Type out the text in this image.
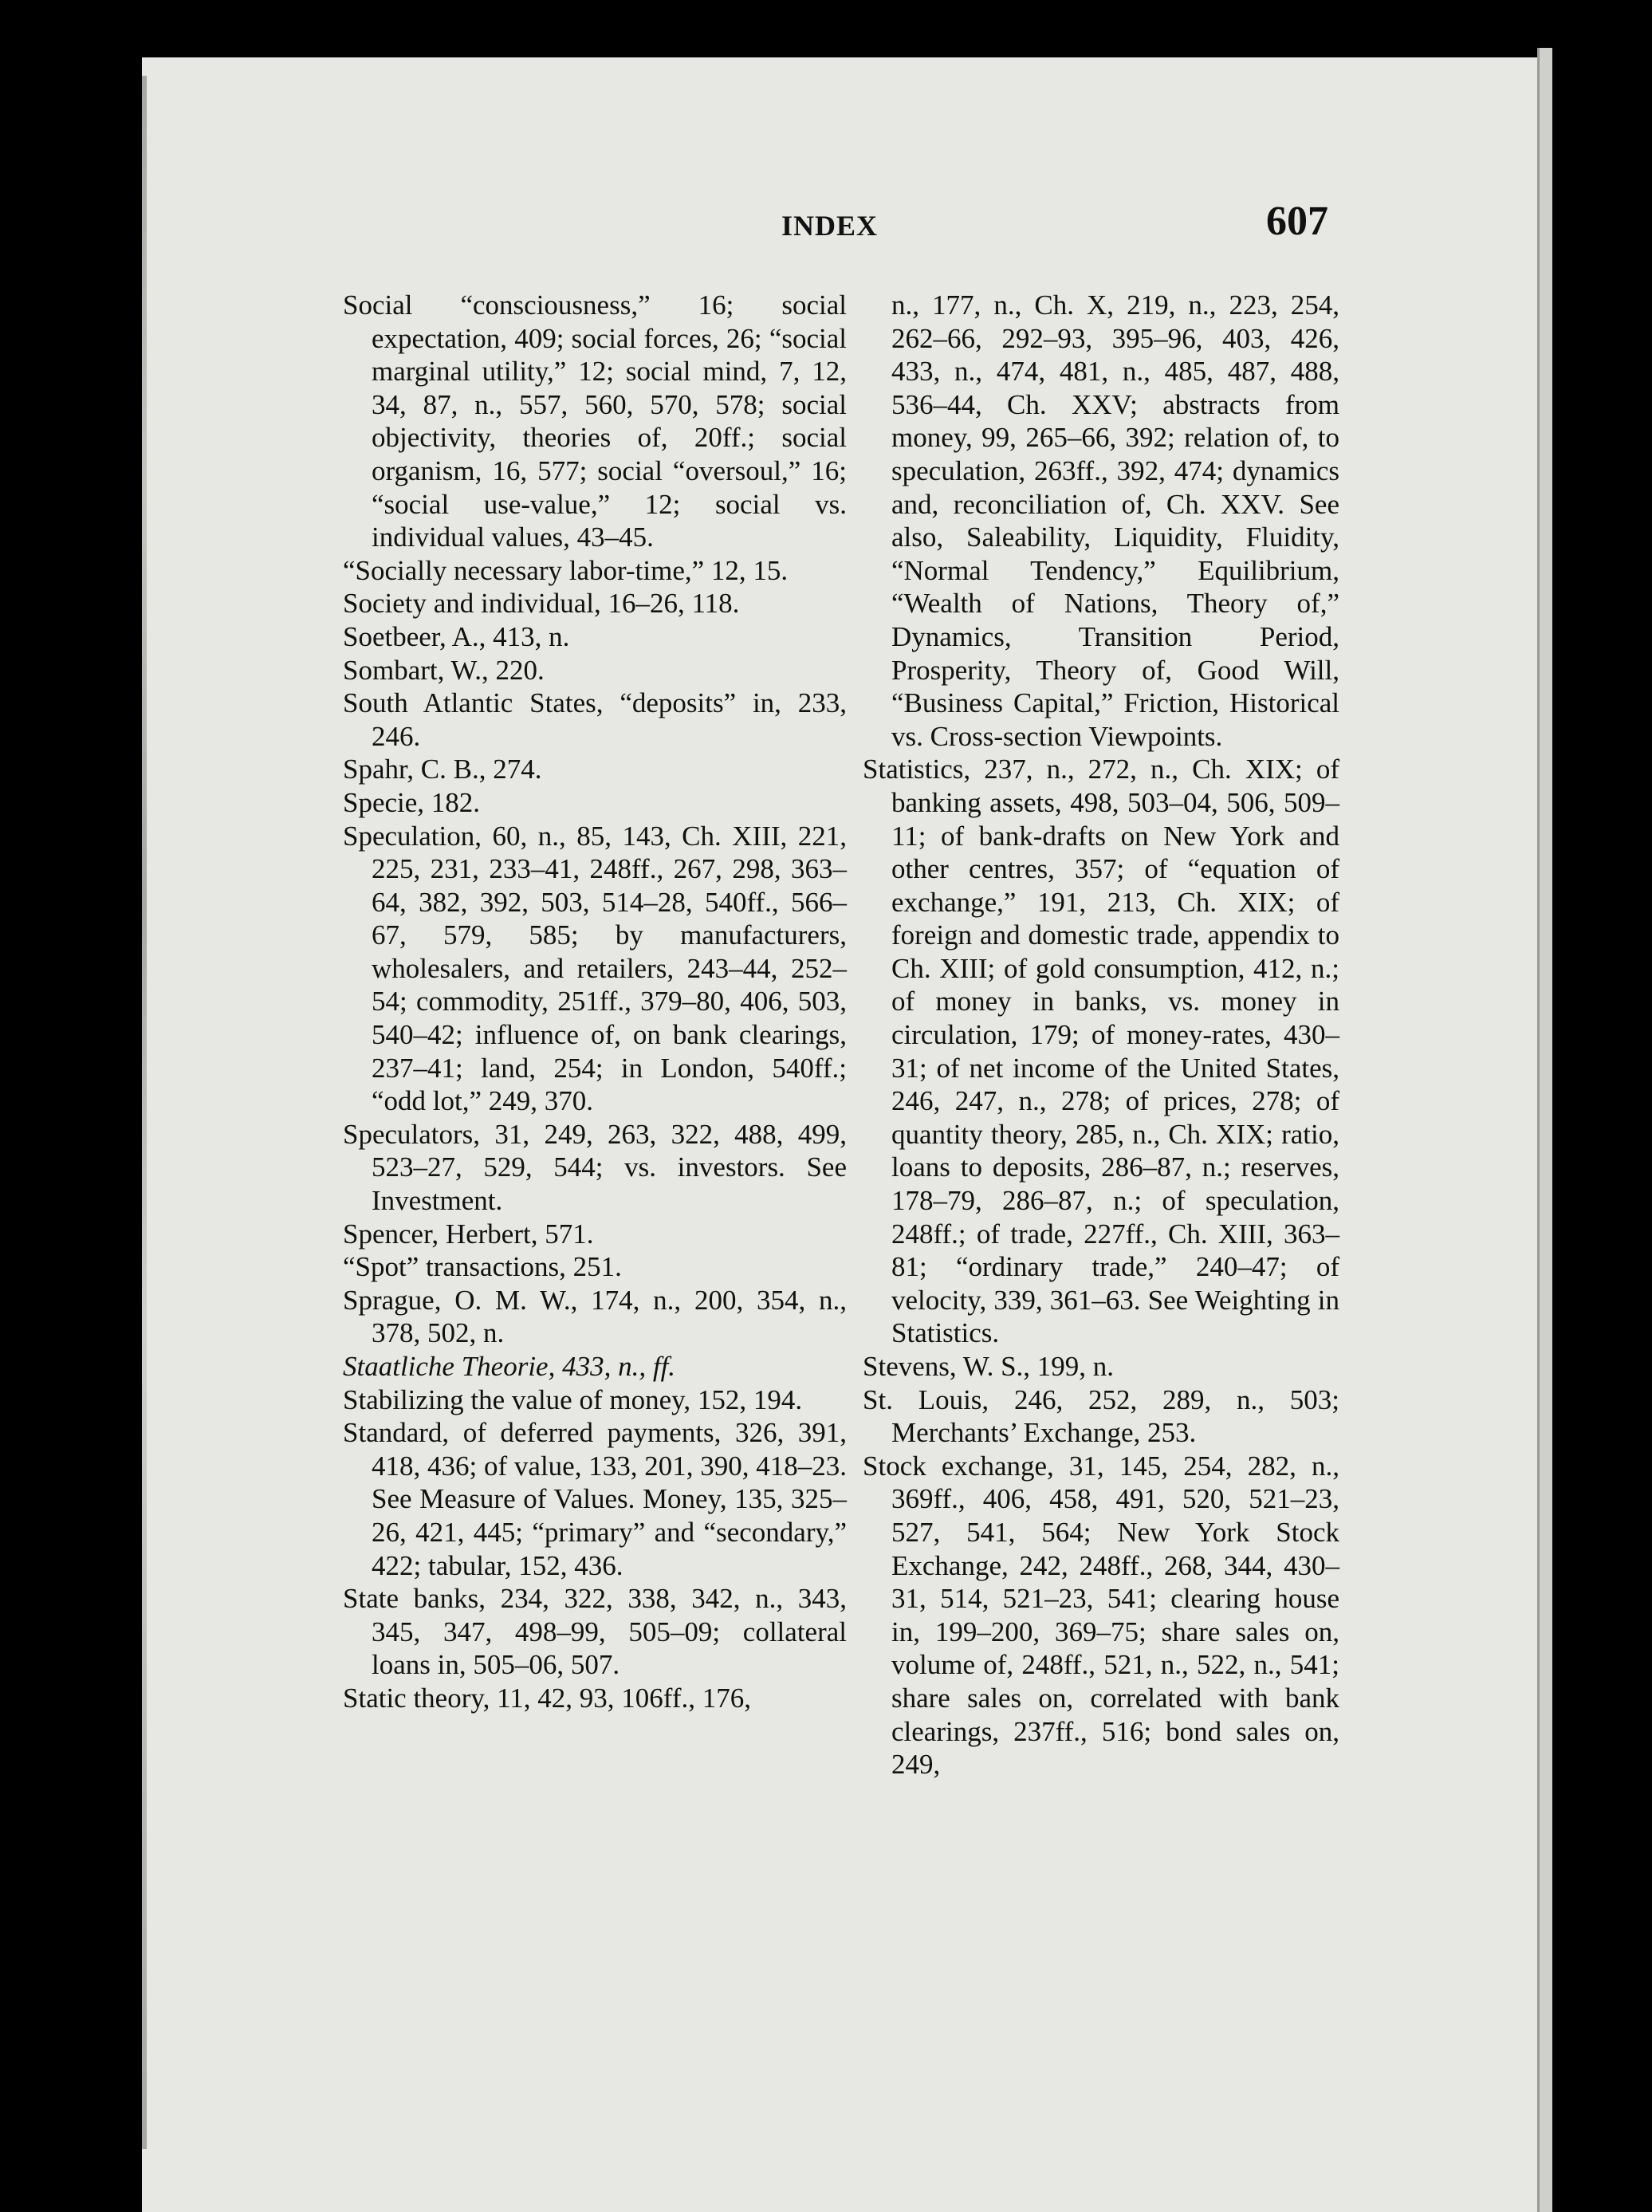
INDEX	607

Social “consciousness,” 16; social expectation, 409; social forces, 26; “social marginal utility,” 12; social mind, 7, 12, 34, 87, n., 557, 560, 570, 578; social objectivity, theories of, 20ff.; social organism, 16, 577; social “oversoul,” 16; “social use-value,” 12; social vs. individual values, 43–45.

“Socially necessary labor-time,” 12, 15.

Society and individual, 16–26, 118.

Soetbeer, A., 413, n.

Sombart, W., 220.

South Atlantic States, “deposits” in, 233, 246.

Spahr, C. B., 274.

Specie, 182.

Speculation, 60, n., 85, 143, Ch. XIII, 221, 225, 231, 233–41, 248ff., 267, 298, 363–64, 382, 392, 503, 514–28, 540ff., 566–67, 579, 585; by manufacturers, wholesalers, and retailers, 243–44, 252–54; commodity, 251ff., 379–80, 406, 503, 540–42; influence of, on bank clearings, 237–41; land, 254; in London, 540ff.; “odd lot,” 249, 370.

Speculators, 31, 249, 263, 322, 488, 499, 523–27, 529, 544; vs. investors. See Investment.

Spencer, Herbert, 571.

“Spot” transactions, 251.

Sprague, O. M. W., 174, n., 200, 354, n., 378, 502, n.

Staatliche Theorie, 433, n., ff.

Stabilizing the value of money, 152, 194.

Standard, of deferred payments, 326, 391, 418, 436; of value, 133, 201, 390, 418–23. See Measure of Values. Money, 135, 325–26, 421, 445; “primary” and “secondary,” 422; tabular, 152, 436.

State banks, 234, 322, 338, 342, n., 343, 345, 347, 498–99, 505–09; collateral loans in, 505–06, 507.

Static theory, 11, 42, 93, 106ff., 176,

n., 177, n., Ch. X, 219, n., 223, 254, 262–66, 292–93, 395–96, 403, 426, 433, n., 474, 481, n., 485, 487, 488, 536–44, Ch. XXV; abstracts from money, 99, 265–66, 392; relation of, to speculation, 263ff., 392, 474; dynamics and, reconciliation of, Ch. XXV. See also, Saleability, Liquidity, Fluidity, “Normal Tendency,” Equilibrium, “Wealth of Nations, Theory of,” Dynamics, Transition Period, Prosperity, Theory of, Good Will, “Business Capital,” Friction, Historical vs. Cross-section Viewpoints.

Statistics, 237, n., 272, n., Ch. XIX; of banking assets, 498, 503–04, 506, 509–11; of bank-drafts on New York and other centres, 357; of “equation of exchange,” 191, 213, Ch. XIX; of foreign and domestic trade, appendix to Ch. XIII; of gold consumption, 412, n.; of money in banks, vs. money in circulation, 179; of money-rates, 430–31; of net income of the United States, 246, 247, n., 278; of prices, 278; of quantity theory, 285, n., Ch. XIX; ratio, loans to deposits, 286–87, n.; reserves, 178–79, 286–87, n.; of speculation, 248ff.; of trade, 227ff., Ch. XIII, 363–81; “ordinary trade,” 240–47; of velocity, 339, 361–63. See Weighting in Statistics.

Stevens, W. S., 199, n.

St. Louis, 246, 252, 289, n., 503; Merchants’ Exchange, 253.

Stock exchange, 31, 145, 254, 282, n., 369ff., 406, 458, 491, 520, 521–23, 527, 541, 564; New York Stock Exchange, 242, 248ff., 268, 344, 430–31, 514, 521–23, 541; clearing house in, 199–200, 369–75; share sales on, volume of, 248ff., 521, n., 522, n., 541; share sales on, correlated with bank clearings, 237ff., 516; bond sales on, 249,
